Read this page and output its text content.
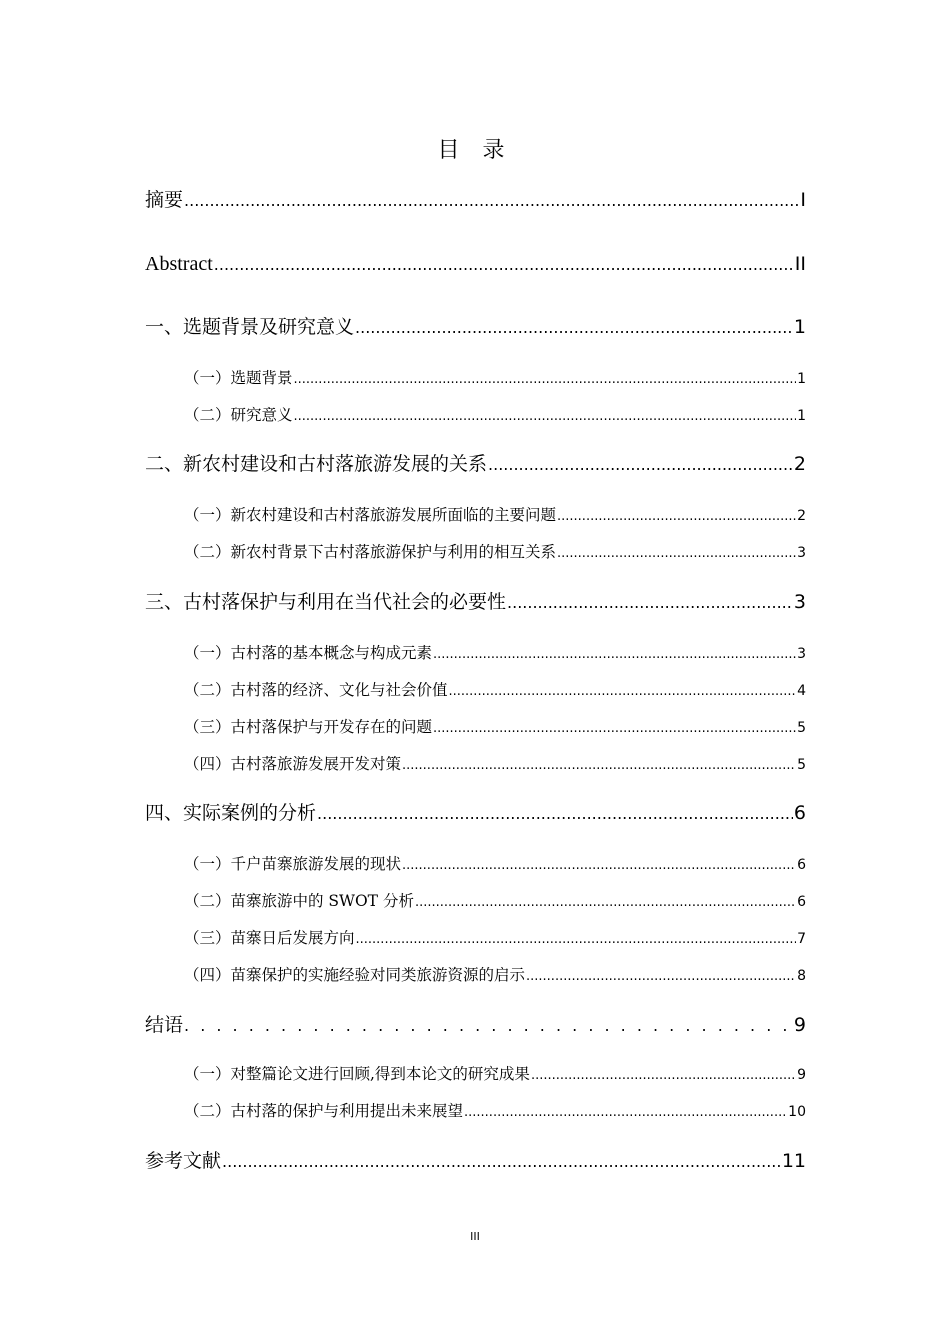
目 录
摘要 .....	I
Abstract .....	II
一、选题背景及研究意义 .....	1
（一）选题背景 .....	1
（二）研究意义 .....	1
二、新农村建设和古村落旅游发展的关系 .....	2
（一）新农村建设和古村落旅游发展所面临的主要问题 .....	2
（二）新农村背景下古村落旅游保护与利用的相互关系 .....	3
三、古村落保护与利用在当代社会的必要性 .....	3
（一）古村落的基本概念与构成元素 .....	3
（二）古村落的经济、文化与社会价值 .....	4
（三）古村落保护与开发存在的问题 .....	5
（四）古村落旅游发展开发对策 .....	5
四、实际案例的分析 .....	6
（一）千户苗寨旅游发展的现状 .....	6
（二）苗寨旅游中的 SWOT 分析 .....	6
（三）苗寨日后发展方向 .....	7
（四）苗寨保护的实施经验对同类旅游资源的启示 .....	8
结语 . . .	9
（一）对整篇论文进行回顾,得到本论文的研究成果 .....	9
（二）古村落的保护与利用提出未来展望 .....	10
参考文献 .....	11
III
